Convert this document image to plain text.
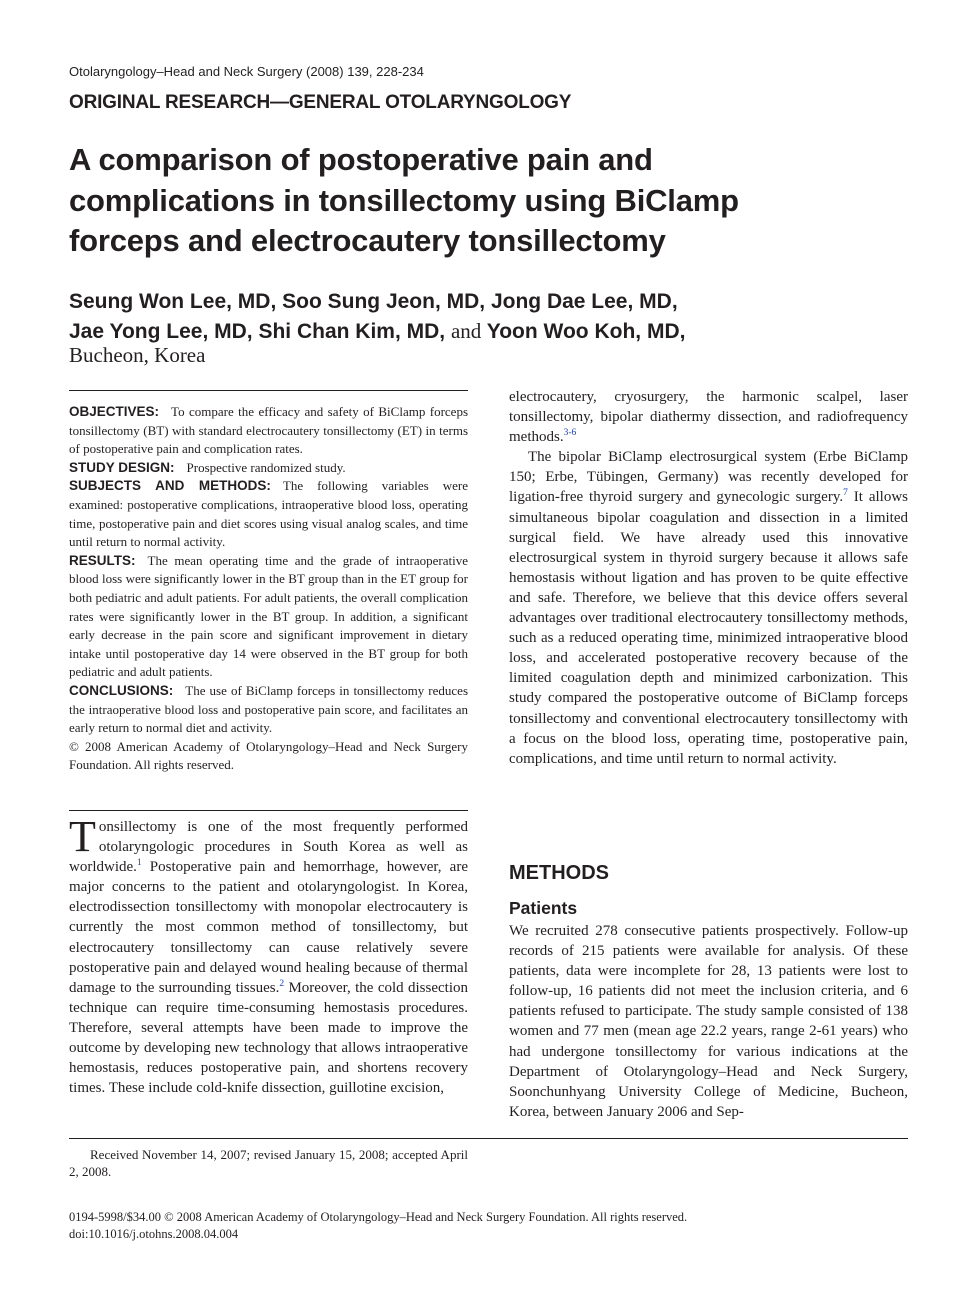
Otolaryngology–Head and Neck Surgery (2008) 139, 228-234
ORIGINAL RESEARCH—GENERAL OTOLARYNGOLOGY
A comparison of postoperative pain and complications in tonsillectomy using BiClamp forceps and electrocautery tonsillectomy
Seung Won Lee, MD, Soo Sung Jeon, MD, Jong Dae Lee, MD,
Jae Yong Lee, MD, Shi Chan Kim, MD, and Yoon Woo Koh, MD,
Bucheon, Korea

OBJECTIVES: To compare the efficacy and safety of BiClamp forceps tonsillectomy (BT) with standard electrocautery tonsillectomy (ET) in terms of postoperative pain and complication rates.

STUDY DESIGN: Prospective randomized study.

SUBJECTS AND METHODS: The following variables were examined: postoperative complications, intraoperative blood loss, operating time, postoperative pain and diet scores using visual analog scales, and time until return to normal activity.

RESULTS: The mean operating time and the grade of intraoperative blood loss were significantly lower in the BT group than in the ET group for both pediatric and adult patients. For adult patients, the overall complication rates were significantly lower in the BT group. In addition, a significant early decrease in the pain score and significant improvement in dietary intake until postoperative day 14 were observed in the BT group for both pediatric and adult patients.

CONCLUSIONS: The use of BiClamp forceps in tonsillectomy reduces the intraoperative blood loss and postoperative pain score, and facilitates an early return to normal diet and activity.

© 2008 American Academy of Otolaryngology–Head and Neck Surgery Foundation. All rights reserved.

Tonsillectomy is one of the most frequently performed otolaryngologic procedures in South Korea as well as worldwide.$^1$ Postoperative pain and hemorrhage, however, are major concerns to the patient and otolaryngologist. In Korea, electrodissection tonsillectomy with monopolar electrocautery is currently the most common method of tonsillectomy, but electrocautery tonsillectomy can cause relatively severe postoperative pain and delayed wound healing because of thermal damage to the surrounding tissues.$^2$ Moreover, the cold dissection technique can require time-consuming hemostasis procedures. Therefore, several attempts have been made to improve the outcome by developing new technology that allows intraoperative hemostasis, reduces postoperative pain, and shortens recovery times. These include cold-knife dissection, guillotine excision,

electrocautery, cryosurgery, the harmonic scalpel, laser tonsillectomy, bipolar diathermy dissection, and radiofrequency methods.$^{3-6}$

The bipolar BiClamp electrosurgical system (Erbe BiClamp 150; Erbe, Tübingen, Germany) was recently developed for ligation-free thyroid surgery and gynecologic surgery.$^7$ It allows simultaneous bipolar coagulation and dissection in a limited surgical field. We have already used this innovative electrosurgical system in thyroid surgery because it allows safe hemostasis without ligation and has proven to be quite effective and safe. Therefore, we believe that this device offers several advantages over traditional electrocautery tonsillectomy methods, such as a reduced operating time, minimized intraoperative blood loss, and accelerated postoperative recovery because of the limited coagulation depth and minimized carbonization. This study compared the postoperative outcome of BiClamp forceps tonsillectomy and conventional electrocautery tonsillectomy with a focus on the blood loss, operating time, postoperative pain, complications, and time until return to normal activity.

METHODS
Patients

We recruited 278 consecutive patients prospectively. Follow-up records of 215 patients were available for analysis. Of these patients, data were incomplete for 28, 13 patients were lost to follow-up, 16 patients did not meet the inclusion criteria, and 6 patients refused to participate. The study sample consisted of 138 women and 77 men (mean age 22.2 years, range 2-61 years) who had undergone tonsillectomy for various indications at the Department of Otolaryngology–Head and Neck Surgery, Soonchunhyang University College of Medicine, Bucheon, Korea, between January 2006 and Sep-

Received November 14, 2007; revised January 15, 2008; accepted April 2, 2008.
0194-5998/$34.00 © 2008 American Academy of Otolaryngology–Head and Neck Surgery Foundation. All rights reserved.
doi:10.1016/j.otohns.2008.04.004
